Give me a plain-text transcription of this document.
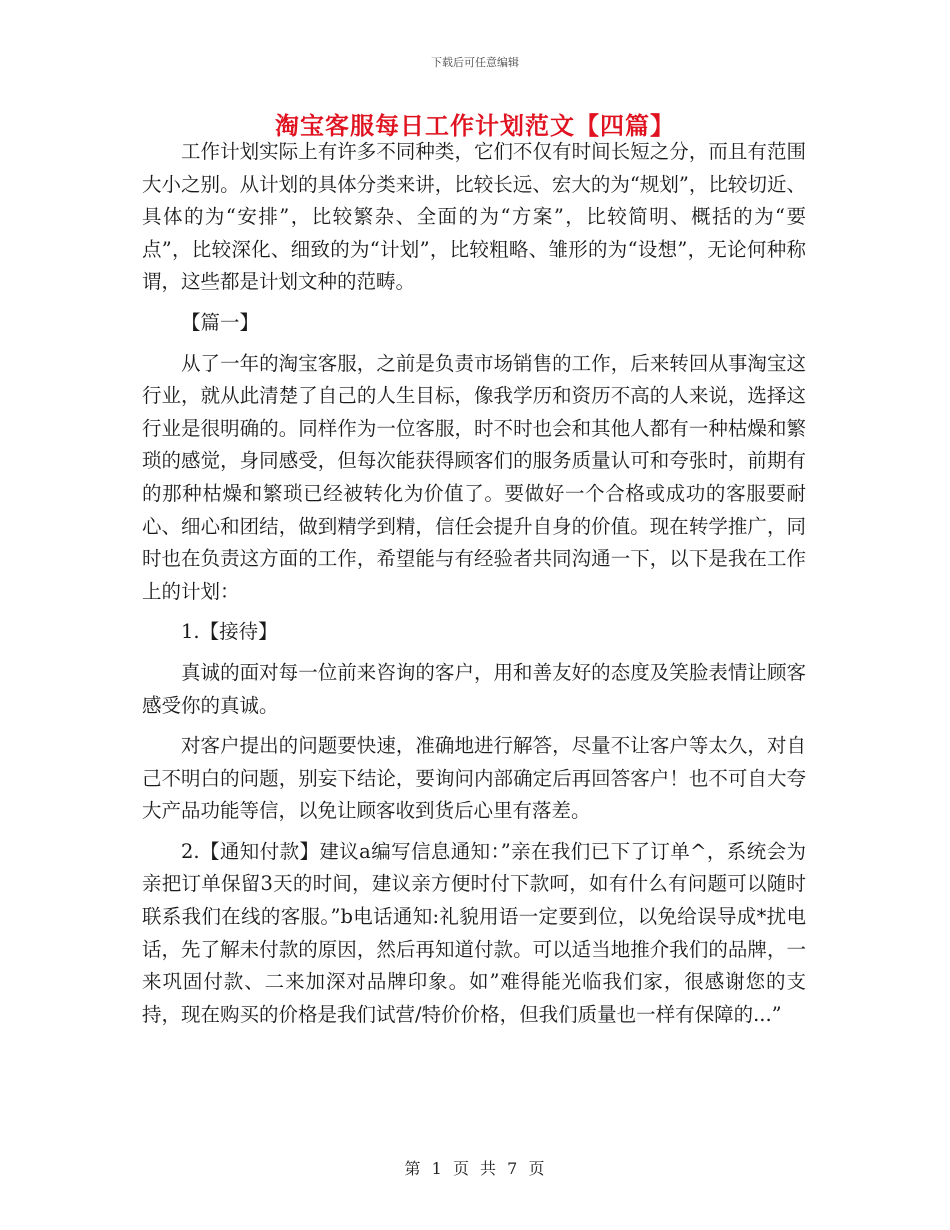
下载后可任意编辑
淘宝客服每日工作计划范文【四篇】

工作计划实际上有许多不同种类，它们不仅有时间长短之分，而且有范围大小之别。从计划的具体分类来讲，比较长远、宏大的为“规划”，比较切近、具体的为“安排”，比较繁杂、全面的为“方案”，比较简明、概括的为“要点”，比较深化、细致的为“计划”，比较粗略、雏形的为“设想”，无论何种称谓，这些都是计划文种的范畴。

【篇一】

从了一年的淘宝客服，之前是负责市场销售的工作，后来转回从事淘宝这行业，就从此清楚了自己的人生目标，像我学历和资历不高的人来说，选择这行业是很明确的。同样作为一位客服，时不时也会和其他人都有一种枯燥和繁琐的感觉，身同感受，但每次能获得顾客们的服务质量认可和夸张时，前期有的那种枯燥和繁琐已经被转化为价值了。要做好一个合格或成功的客服要耐心、细心和团结，做到精学到精，信任会提升自身的价值。现在转学推广，同时也在负责这方面的工作，希望能与有经验者共同沟通一下，以下是我在工作上的计划：

1.【接待】

真诚的面对每一位前来咨询的客户，用和善友好的态度及笑脸表情让顾客感受你的真诚。

对客户提出的问题要快速，准确地进行解答，尽量不让客户等太久，对自己不明白的问题，别妄下结论，要询问内部确定后再回答客户！也不可自大夸大产品功能等信，以免让顾客收到货后心里有落差。

2.【通知付款】建议a编写信息通知：”亲在我们已下了订单^，系统会为亲把订单保留3天的时间，建议亲方便时付下款呵，如有什么有问题可以随时联系我们在线的客服。”b电话通知:礼貌用语一定要到位，以免给误导成*扰电话，先了解未付款的原因，然后再知道付款。可以适当地推介我们的品牌，一来巩固付款、二来加深对品牌印象。如”难得能光临我们家，很感谢您的支持，现在购买的价格是我们试营/特价价格，但我们质量也一样有保障的...”

第 1 页 共 7 页
